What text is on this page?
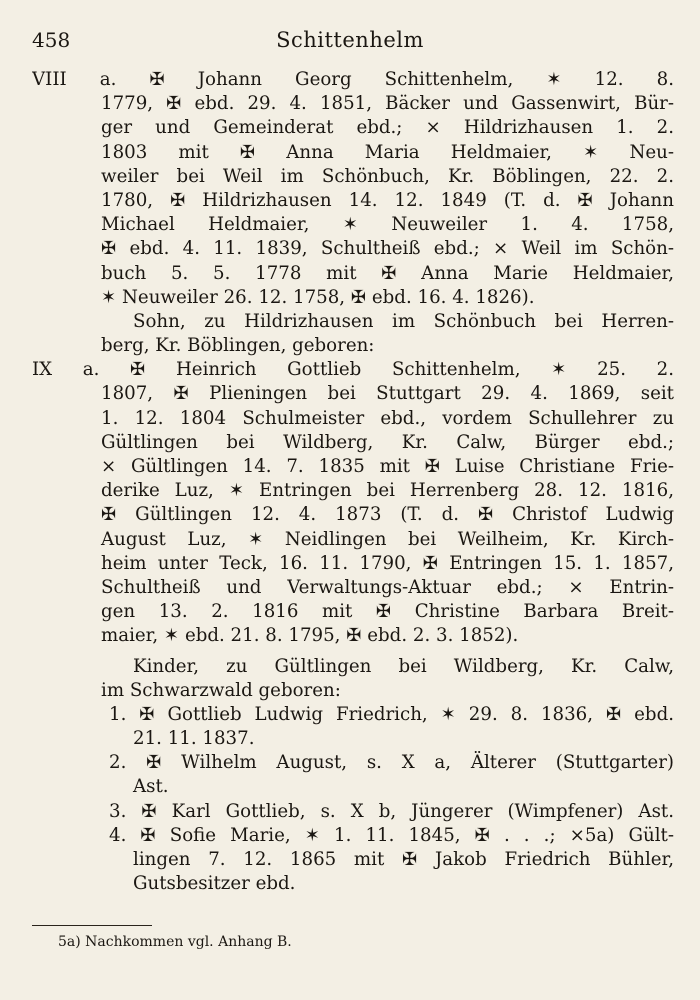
458	Schittenhelm
VIII a. ✠ Johann Georg Schittenhelm, ✶ 12. 8.
1779, ✠ ebd. 29. 4. 1851, Bäcker und Gassenwirt, Bür-
ger und Gemeinderat ebd.; ⨯ Hildrizhausen 1. 2.
1803 mit ✠ Anna Maria Heldmaier, ✶ Neu-
weiler bei Weil im Schönbuch, Kr. Böblingen, 22. 2.
1780, ✠ Hildrizhausen 14. 12. 1849 (T. d. ✠ Johann
Michael Heldmaier, ✶ Neuweiler 1. 4. 1758,
✠ ebd. 4. 11. 1839, Schultheiß ebd.; ⨯ Weil im Schön-
buch 5. 5. 1778 mit ✠ Anna Marie Heldmaier,
✶ Neuweiler 26. 12. 1758, ✠ ebd. 16. 4. 1826).
Sohn, zu Hildrizhausen im Schönbuch bei Herren-
berg, Kr. Böblingen, geboren:
IX a. ✠ Heinrich Gottlieb Schittenhelm, ✶ 25. 2.
1807, ✠ Plieningen bei Stuttgart 29. 4. 1869, seit
1. 12. 1804 Schulmeister ebd., vordem Schullehrer zu
Gültlingen bei Wildberg, Kr. Calw, Bürger ebd.;
⨯ Gültlingen 14. 7. 1835 mit ✠ Luise Christiane Frie-
derike Luz, ✶ Entringen bei Herrenberg 28. 12. 1816,
✠ Gültlingen 12. 4. 1873 (T. d. ✠ Christof Ludwig
August Luz, ✶ Neidlingen bei Weilheim, Kr. Kirch-
heim unter Teck, 16. 11. 1790, ✠ Entringen 15. 1. 1857,
Schultheiß und Verwaltungs-Aktuar ebd.; ⨯ Entrin-
gen 13. 2. 1816 mit ✠ Christine Barbara Breit-
maier, ✶ ebd. 21. 8. 1795, ✠ ebd. 2. 3. 1852).
Kinder, zu Gültlingen bei Wildberg, Kr. Calw,
im Schwarzwald geboren:
1. ✠ Gottlieb Ludwig Friedrich, ✶ 29. 8. 1836, ✠ ebd.
21. 11. 1837.
2. ✠ Wilhelm August, s. X a, Älterer (Stuttgarter)
Ast.
3. ✠ Karl Gottlieb, s. X b, Jüngerer (Wimpfener) Ast.
4. ✠ Sofie Marie, ✶ 1. 11. 1845, ✠ . . .; ⨯5a) Gült-
lingen 7. 12. 1865 mit ✠ Jakob Friedrich Bühler,
Gutsbesitzer ebd.
5a) Nachkommen vgl. Anhang B.
